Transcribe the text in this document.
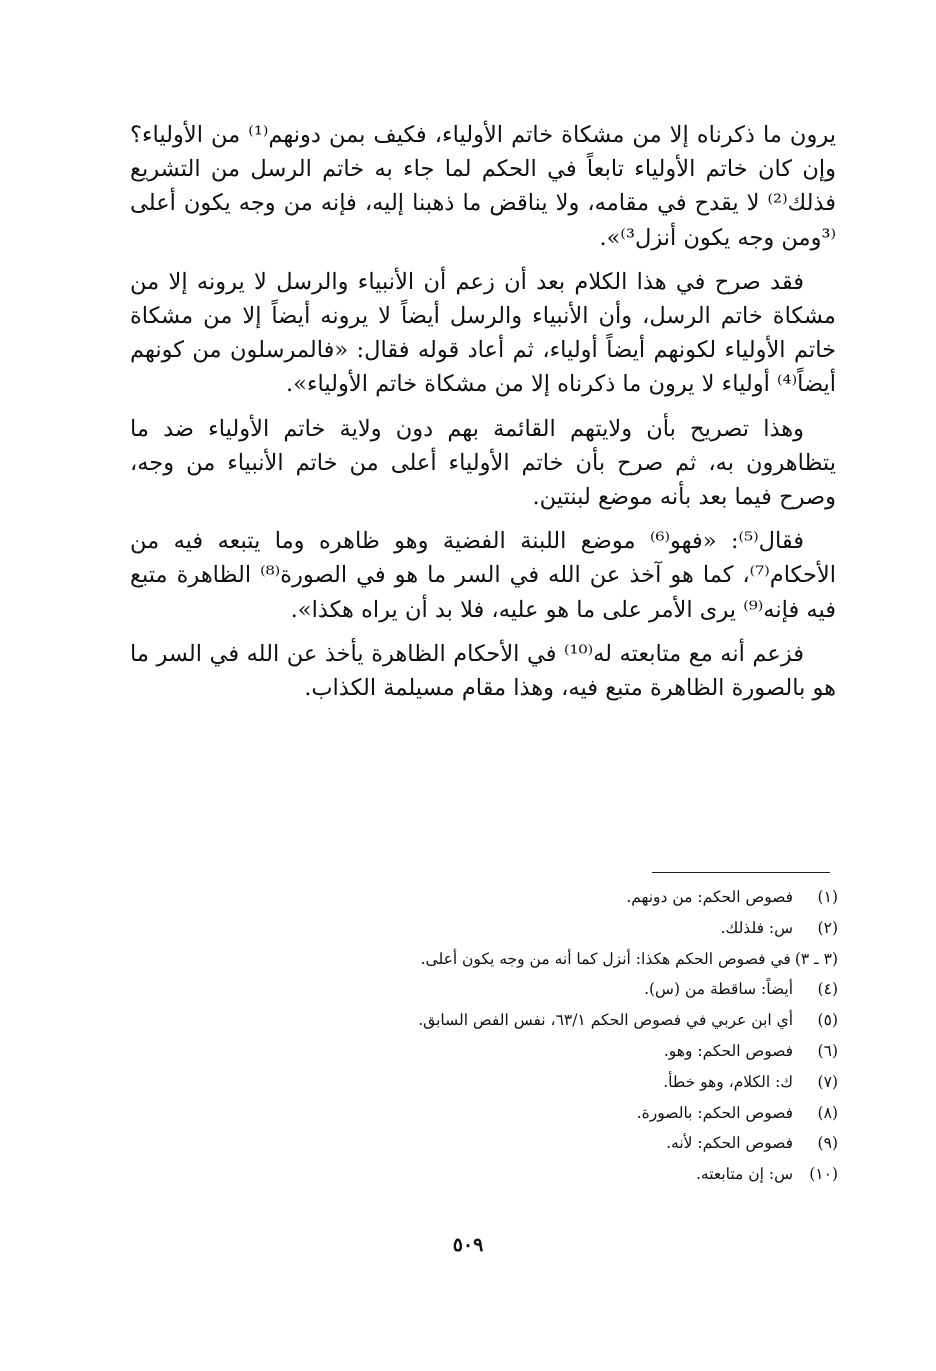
يرون ما ذكرناه إلا من مشكاة خاتم الأولياء، فكيف بمن دونهم⁽¹⁾ من الأولياء؟ وإن كان خاتم الأولياء تابعاً في الحكم لما جاء به خاتم الرسل من التشريع فذلك⁽²⁾ لا يقدح في مقامه، ولا يناقض ما ذهبنا إليه، فإنه من وجه يكون أعلى ⁽³ومن وجه يكون أنزل³⁾».

فقد صرح في هذا الكلام بعد أن زعم أن الأنبياء والرسل لا يرونه إلا من مشكاة خاتم الرسل، وأن الأنبياء والرسل أيضاً لا يرونه أيضاً إلا من مشكاة خاتم الأولياء لكونهم أيضاً أولياء، ثم أعاد قوله فقال: «فالمرسلون من كونهم أيضاً⁽⁴⁾ أولياء لا يرون ما ذكرناه إلا من مشكاة خاتم الأولياء».

وهذا تصريح بأن ولايتهم القائمة بهم دون ولاية خاتم الأولياء ضد ما يتظاهرون به، ثم صرح بأن خاتم الأولياء أعلى من خاتم الأنبياء من وجه، وصرح فيما بعد بأنه موضع لبنتين.

فقال⁽⁵⁾: «فهو⁽⁶⁾ موضع اللبنة الفضية وهو ظاهره وما يتبعه فيه من الأحكام⁽⁷⁾، كما هو آخذ عن الله في السر ما هو في الصورة⁽⁸⁾ الظاهرة متبع فيه فإنه⁽⁹⁾ يرى الأمر على ما هو عليه، فلا بد أن يراه هكذا».

فزعم أنه مع متابعته له⁽¹⁰⁾ في الأحكام الظاهرة يأخذ عن الله في السر ما هو بالصورة الظاهرة متبع فيه، وهذا مقام مسيلمة الكذاب.

(١) فصوص الحكم: من دونهم.
(٢) س: فلذلك.
(٣ ـ ٣)في فصوص الحكم هكذا: أنزل كما أنه من وجه يكون أعلى.
(٤) أيضاً: ساقطة من (س).
(٥) أي ابن عربي في فصوص الحكم ٦٣/١، نفس الفص السابق.
(٦) فصوص الحكم: وهو.
(٧) ك: الكلام، وهو خطأ.
(٨) فصوص الحكم: بالصورة.
(٩) فصوص الحكم: لأنه.
(١٠) س: إن متابعته.
٥٠٩
